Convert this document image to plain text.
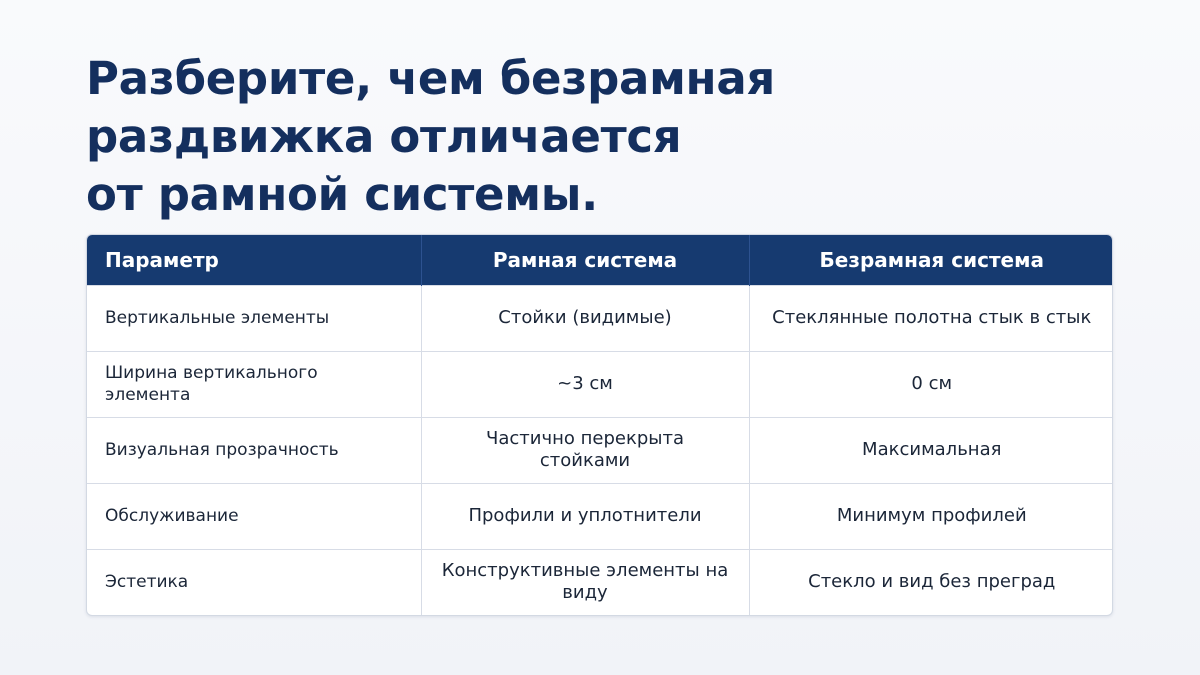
Разберите, чем безрамная
раздвижка отличается
от рамной системы.
Параметр	Рамная система	Безрамная система
Вертикальные элементы	Стойки (видимые)	Стеклянные полотна стык в стык
Ширина вертикального элемента	~3 см	0 см
Визуальная прозрачность	Частично перекрыта стойками	Максимальная
Обслуживание	Профили и уплотнители	Минимум профилей
Эстетика	Конструктивные элементы на виду	Стекло и вид без преград
